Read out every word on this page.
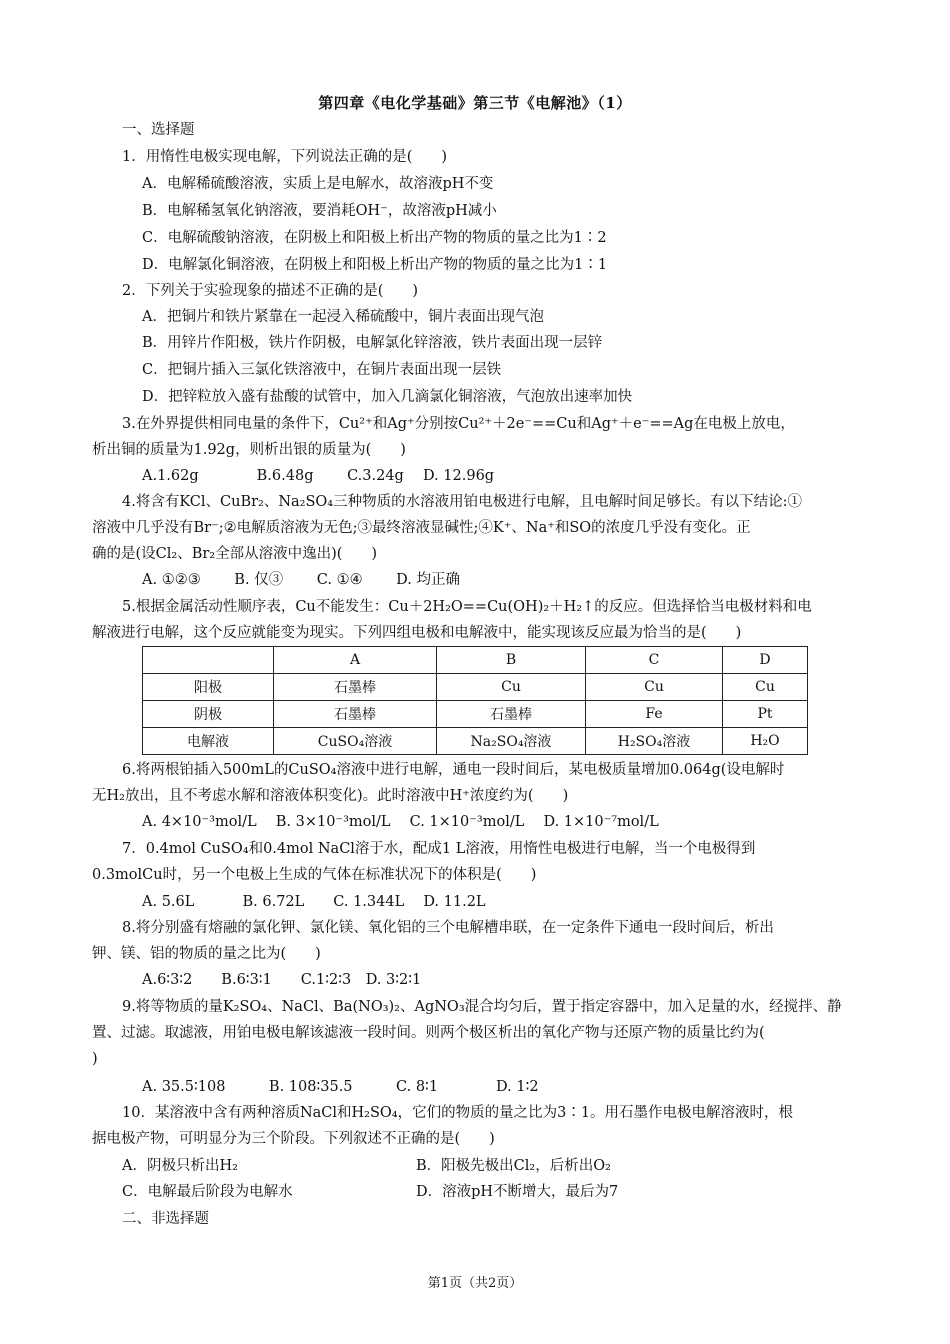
第四章《电化学基础》第三节《电解池》（1）
一、选择题
1．用惰性电极实现电解，下列说法正确的是(　　)
A．电解稀硫酸溶液，实质上是电解水，故溶液pH不变
B．电解稀氢氧化钠溶液，要消耗OH⁻，故溶液pH减小
C．电解硫酸钠溶液，在阴极上和阳极上析出产物的物质的量之比为1∶2
D．电解氯化铜溶液，在阴极上和阳极上析出产物的物质的量之比为1∶1
2．下列关于实验现象的描述不正确的是(　　)
A．把铜片和铁片紧靠在一起浸入稀硫酸中，铜片表面出现气泡
B．用锌片作阳极，铁片作阴极，电解氯化锌溶液，铁片表面出现一层锌
C．把铜片插入三氯化铁溶液中，在铜片表面出现一层铁
D．把锌粒放入盛有盐酸的试管中，加入几滴氯化铜溶液，气泡放出速率加快
3.在外界提供相同电量的条件下，Cu²⁺和Ag⁺分别按Cu²⁺＋2e⁻==Cu和Ag⁺＋e⁻==Ag在电极上放电，
析出铜的质量为1.92g，则析出银的质量为(　　)
A.1.62g　　　　B.6.48g　　 C.3.24g　 D. 12.96g
4.将含有KCl、CuBr₂、Na₂SO₄三种物质的水溶液用铂电极进行电解，且电解时间足够长。有以下结论:①
溶液中几乎没有Br⁻;②电解质溶液为无色;③最终溶液显碱性;④K⁺、Na⁺和SO的浓度几乎没有变化。正
确的是(设Cl₂、Br₂全部从溶液中逸出)(　　)
A. ①②③　　 B. 仅③　　 C. ①④　　 D. 均正确
5.根据金属活动性顺序表，Cu不能发生：Cu＋2H₂O==Cu(OH)₂＋H₂↑的反应。但选择恰当电极材料和电
解液进行电解，这个反应就能变为现实。下列四组电极和电解液中，能实现该反应最为恰当的是(　　)
	A	B	C	D
阳极	石墨棒	Cu	Cu	Cu
阴极	石墨棒	石墨棒	Fe	Pt
电解液	CuSO₄溶液	Na₂SO₄溶液	H₂SO₄溶液	H₂O
6.将两根铂插入500mL的CuSO₄溶液中进行电解，通电一段时间后，某电极质量增加0.064g(设电解时
无H₂放出，且不考虑水解和溶液体积变化)。此时溶液中H⁺浓度约为(　　)
A. 4×10⁻³mol/L　 B. 3×10⁻³mol/L　 C. 1×10⁻³mol/L　 D. 1×10⁻⁷mol/L
7．0.4mol CuSO₄和0.4mol NaCl溶于水，配成1 L溶液，用惰性电极进行电解，当一个电极得到
0.3molCu时，另一个电极上生成的气体在标准状况下的体积是(　　)
A. 5.6L　　　 B. 6.72L　　C. 1.344L　 D. 11.2L
8.将分别盛有熔融的氯化钾、氯化镁、氧化铝的三个电解槽串联，在一定条件下通电一段时间后，析出
钾、镁、铝的物质的量之比为(　　)
A.6∶3∶2　　B.6∶3∶1　　C.1∶2∶3　D. 3∶2∶1
9.将等物质的量K₂SO₄、NaCl、Ba(NO₃)₂、AgNO₃混合均匀后，置于指定容器中，加入足量的水，经搅拌、静
置、过滤。取滤液，用铂电极电解该滤液一段时间。则两个极区析出的氧化产物与还原产物的质量比约为(
)
A. 35.5∶108　　　B. 108∶35.5　　　C. 8∶1　　　　D. 1∶2
10．某溶液中含有两种溶质NaCl和H₂SO₄，它们的物质的量之比为3∶1。用石墨作电极电解溶液时，根
据电极产物，可明显分为三个阶段。下列叙述不正确的是(　　)
A．阴极只析出H₂	B．阳极先极出Cl₂，后析出O₂
C．电解最后阶段为电解水	D．溶液pH不断增大，最后为7
二、非选择题
第1页（共2页）
